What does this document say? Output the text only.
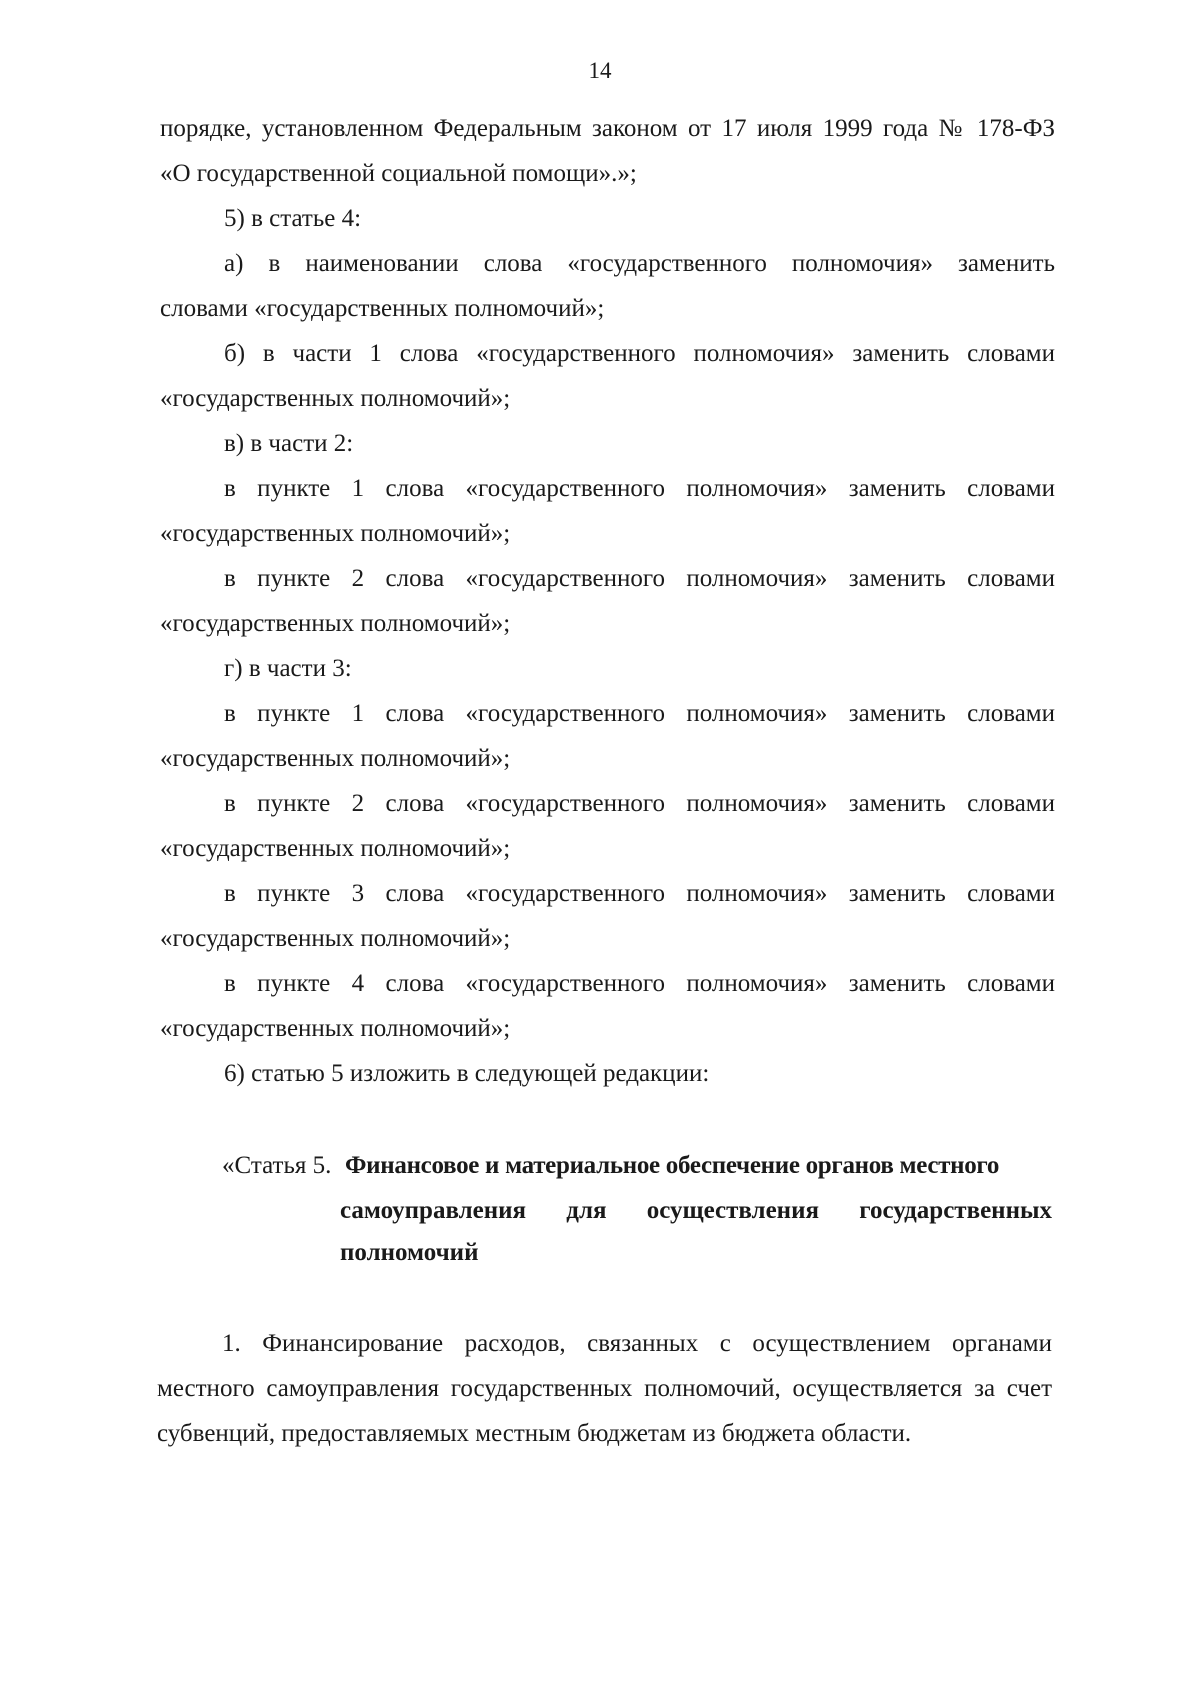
14
порядке, установленном Федеральным законом от 17 июля 1999 года № 178-ФЗ
«О государственной социальной помощи».»;
5) в статье 4:
а) в наименовании слова «государственного полномочия» заменить
словами «государственных полномочий»;
б) в части 1 слова «государственного полномочия» заменить словами
«государственных полномочий»;
в) в части 2:
в пункте 1 слова «государственного полномочия» заменить словами
«государственных полномочий»;
в пункте 2 слова «государственного полномочия» заменить словами
«государственных полномочий»;
г) в части 3:
в пункте 1 слова «государственного полномочия» заменить словами
«государственных полномочий»;
в пункте 2 слова «государственного полномочия» заменить словами
«государственных полномочий»;
в пункте 3 слова «государственного полномочия» заменить словами
«государственных полномочий»;
в пункте 4 слова «государственного полномочия» заменить словами
«государственных полномочий»;
6) статью 5 изложить в следующей редакции:
«Статья 5. Финансовое и материальное обеспечение органов местного
самоуправления для осуществления государственных
полномочий
1. Финансирование расходов, связанных с осуществлением органами
местного самоуправления государственных полномочий, осуществляется за счет
субвенций, предоставляемых местным бюджетам из бюджета области.
